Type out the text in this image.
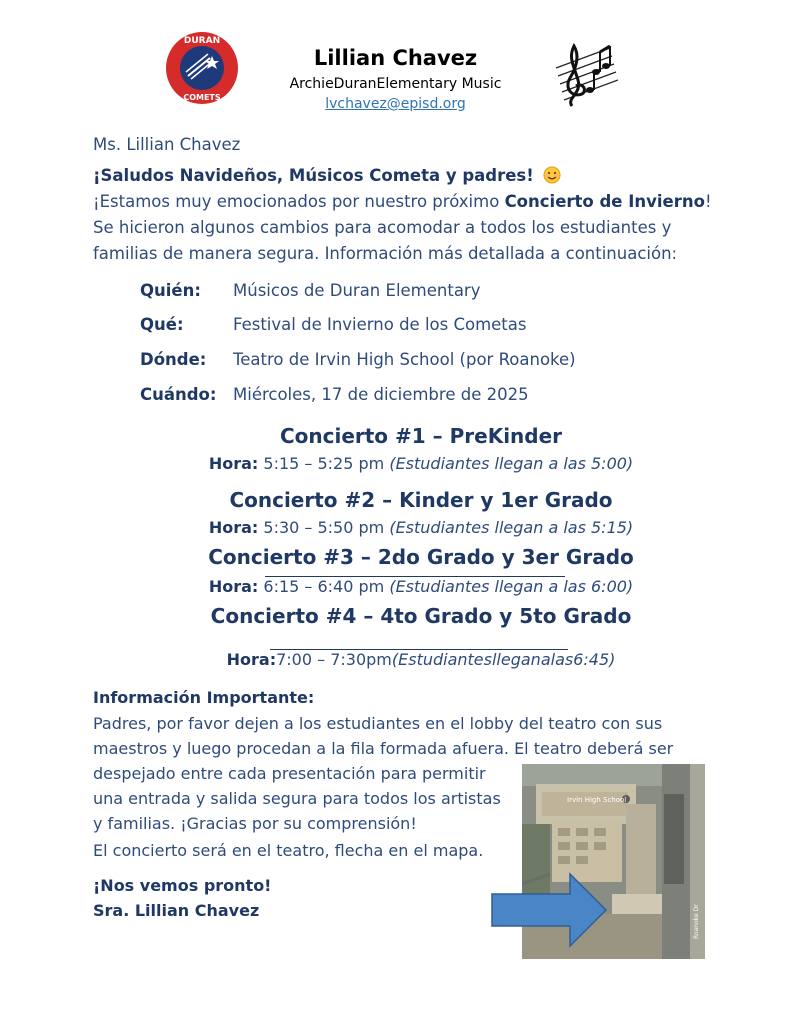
DURAN
COMETS
Lillian Chavez
ArchieDuranElementary Music
lvchavez@episd.org
Ms. Lillian Chavez
¡Saludos Navideños, Músicos Cometa y padres!
¡Estamos muy emocionados por nuestro próximo Concierto de Invierno! Se hicieron algunos cambios para acomodar a todos los estudiantes y familias de manera segura. Información más detallada a continuación:
Quién: Músicos de Duran Elementary
Qué:	Festival de Invierno de los Cometas
Dónde: Teatro de Irvin High School (por Roanoke)
Cuándo: Miércoles, 17 de diciembre de 2025
Concierto #1 – PreKinder
Hora: 5:15 – 5:25 pm (Estudiantes llegan a las 5:00)
Concierto #2 – Kinder y 1er Grado
Hora: 5:30 – 5:50 pm (Estudiantes llegan a las 5:15)
Concierto #3 – 2do Grado y 3er Grado
Hora: 6:15 – 6:40 pm (Estudiantes llegan a las 6:00)
Concierto #4 – 4to Grado y 5to Grado
Hora:7:00 – 7:30pm(Estudiantesllegan​alas6:45)
Información Importante:
Padres, por favor dejen a los estudiantes en el lobby del teatro con sus maestros y luego procedan a la fila formada afuera. El teatro deberá ser
despejado entre cada presentación para permitir una entrada y salida segura para todos los artistas y familias. ¡Gracias por su comprensión!
El concierto será en el teatro, flecha en el mapa.
¡Nos vemos pronto!
Sra. Lillian Chavez
Irvin High School
Roanoke Dr
